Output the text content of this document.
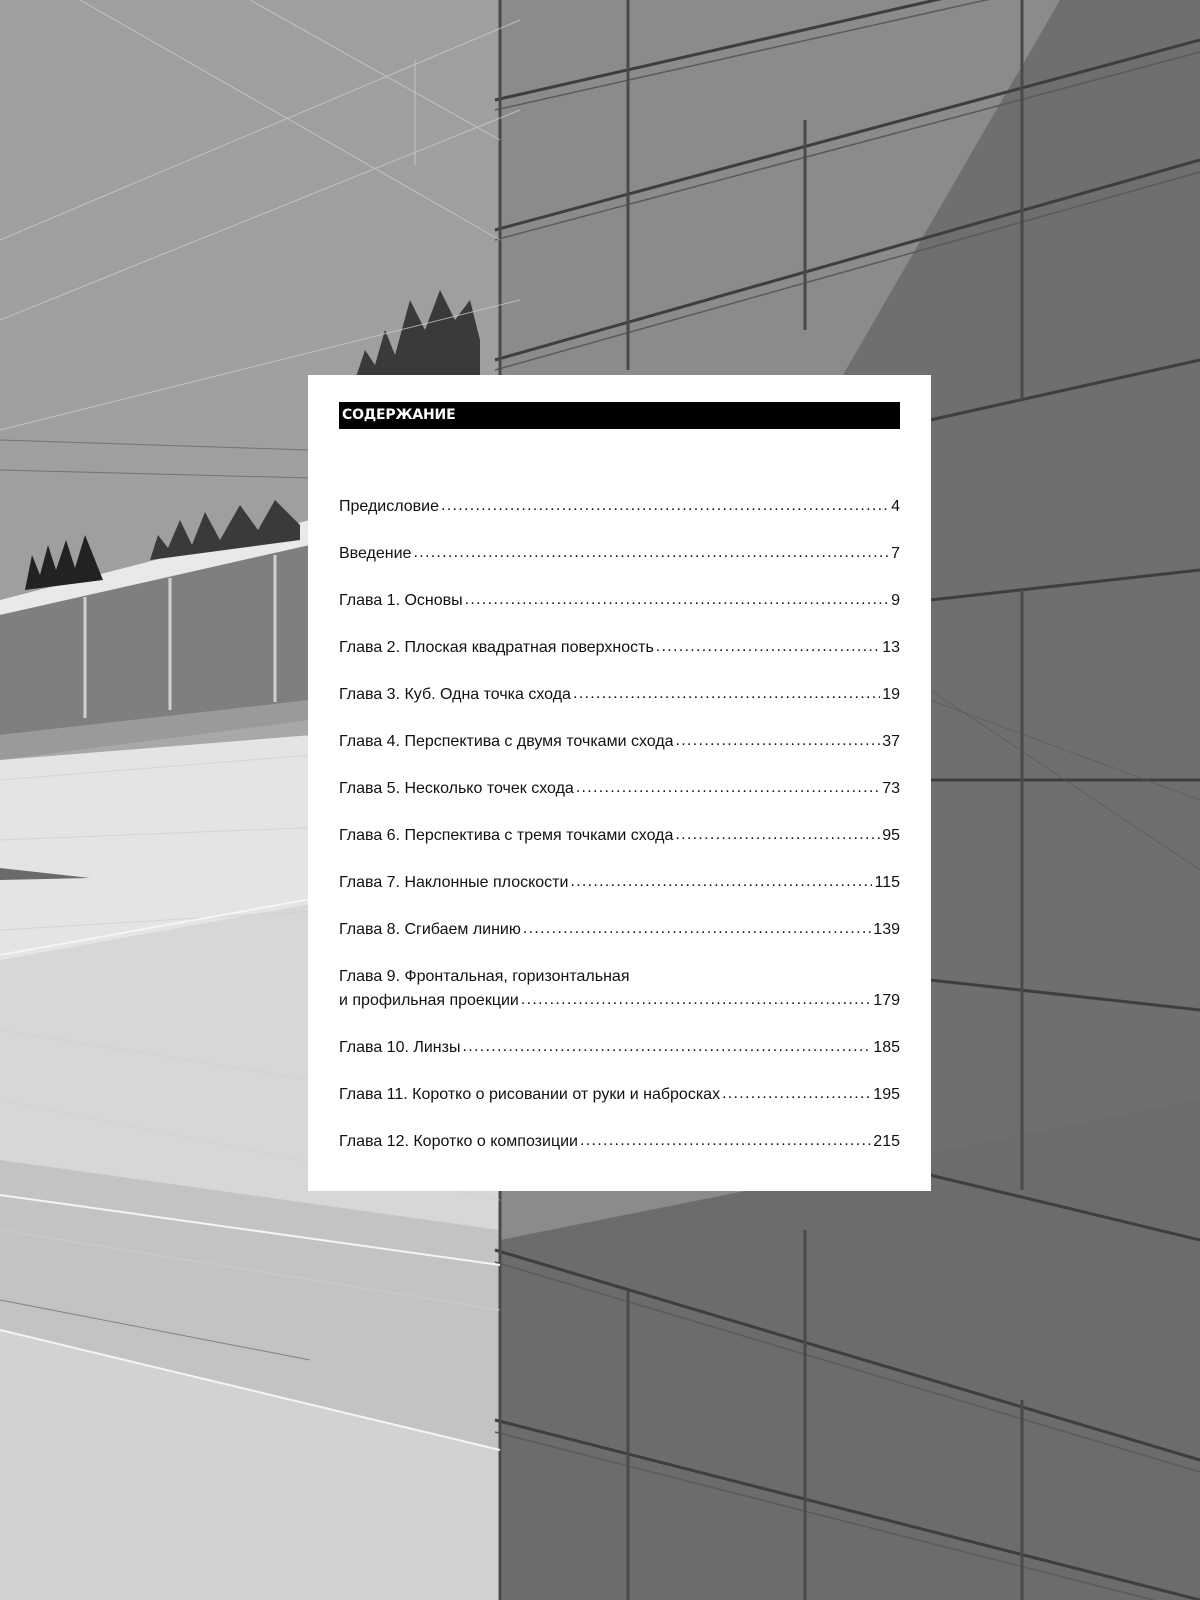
СОДЕРЖАНИЕ
Предисловие .....	4
Введение .....	7
Глава 1. Основы .....	9
Глава 2. Плоская квадратная поверхность .....	13
Глава 3. Куб. Одна точка схода .....	19
Глава 4. Перспектива с двумя точками схода .....	37
Глава 5. Несколько точек схода .....	73
Глава 6. Перспектива с тремя точками схода .....	95
Глава 7. Наклонные плоскости .....	115
Глава 8. Сгибаем линию .....	139
Глава 9. Фронтальная, горизонтальная
и профильная проекции .....	179
Глава 10. Линзы .....	185
Глава 11. Коротко о рисовании от руки и набросках .....	195
Глава 12. Коротко о композиции .....	215
